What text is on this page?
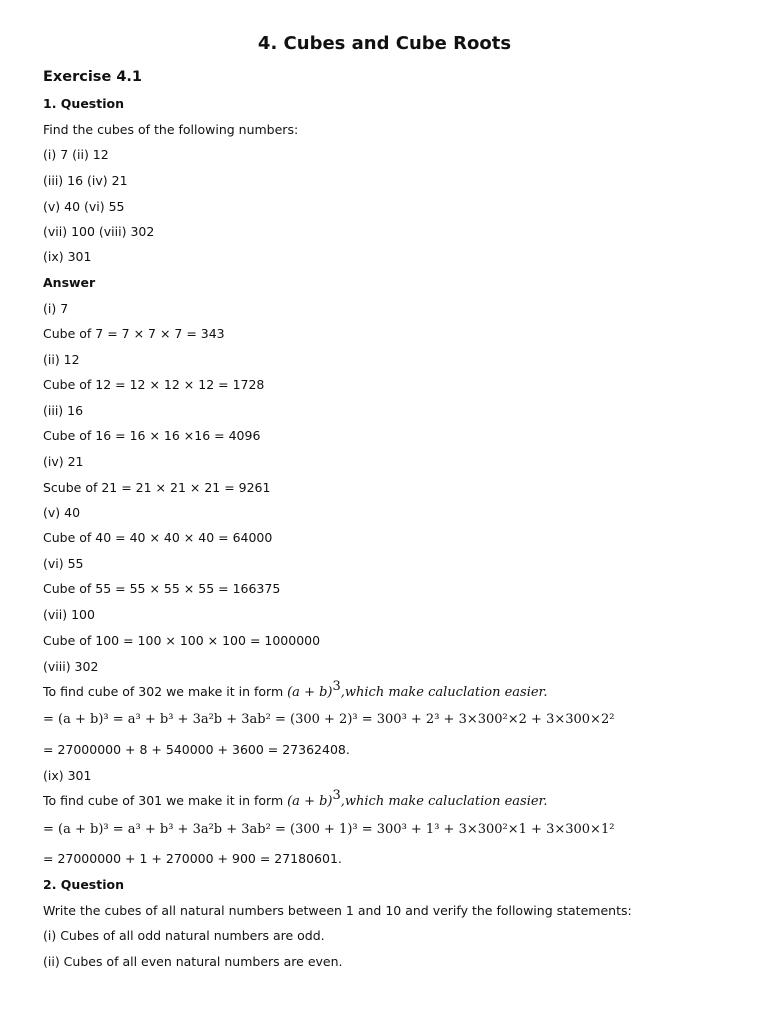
4. Cubes and Cube Roots
Exercise 4.1
1. Question
Find the cubes of the following numbers:
(i) 7 (ii) 12
(iii) 16 (iv) 21
(v) 40 (vi) 55
(vii) 100 (viii) 302
(ix) 301
Answer
(i) 7
Cube of 7 = 7 × 7 × 7 = 343
(ii) 12
Cube of 12 = 12 × 12 × 12 = 1728
(iii) 16
Cube of 16 = 16 × 16 ×16 = 4096
(iv) 21
Scube of 21 = 21 × 21 × 21 = 9261
(v) 40
Cube of 40 = 40 × 40 × 40 = 64000
(vi) 55
Cube of 55 = 55 × 55 × 55 = 166375
(vii) 100
Cube of 100 = 100 × 100 × 100 = 1000000
(viii) 302
To find cube of 302 we make it in form $(a + b)^3,which$ make caluclation easier.
= (a + b)³ = a³ + b³ + 3a²b + 3ab² = (300 + 2)³ = 300³ + 2³ + 3×300²×2 + 3×300×2²
= 27000000 + 8 + 540000 + 3600 = 27362408.
(ix) 301
To find cube of 301 we make it in form $(a + b)^3,which$ make caluclation easier.
= (a + b)³ = a³ + b³ + 3a²b + 3ab² = (300 + 1)³ = 300³ + 1³ + 3×300²×1 + 3×300×1²
= 27000000 + 1 + 270000 + 900 = 27180601.
2. Question
Write the cubes of all natural numbers between 1 and 10 and verify the following statements:
(i) Cubes of all odd natural numbers are odd.
(ii) Cubes of all even natural numbers are even.
